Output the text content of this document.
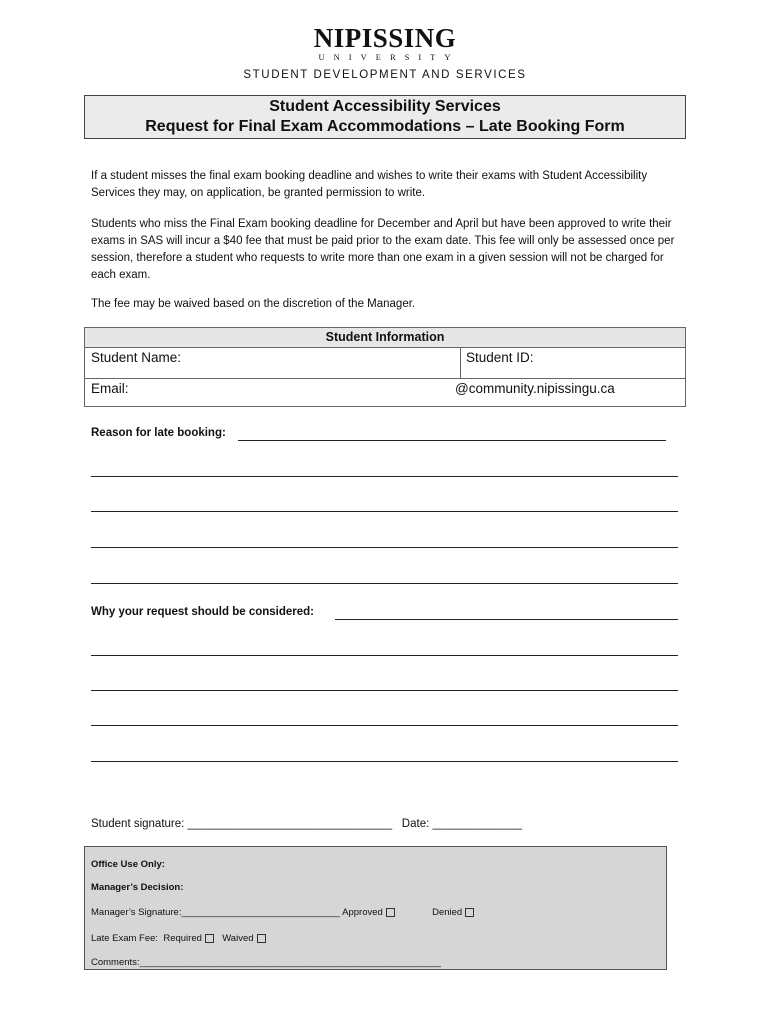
NIPISSING
UNIVERSITY
STUDENT DEVELOPMENT AND SERVICES
Student Accessibility Services
Request for Final Exam Accommodations – Late Booking Form
If a student misses the final exam booking deadline and wishes to write their exams with Student Accessibility Services they may, on application, be granted permission to write.
Students who miss the Final Exam booking deadline for December and April but have been approved to write their exams in SAS will incur a $40 fee that must be paid prior to the exam date. This fee will only be assessed once per session, therefore a student who requests to write more than one exam in a given session will not be charged for each exam.
The fee may be waived based on the discretion of the Manager.
Student Information
Student Name:	Student ID:
Email:	@community.nipissingu.ca
Reason for late booking:
Why your request should be considered:
Student signature: ________________________________ Date: ______________
Office Use Only:
Manager’s Decision:
Manager’s Signature:______________________________ Approved	Denied
Late Exam Fee: Required Waived
Comments:_________________________________________________________
